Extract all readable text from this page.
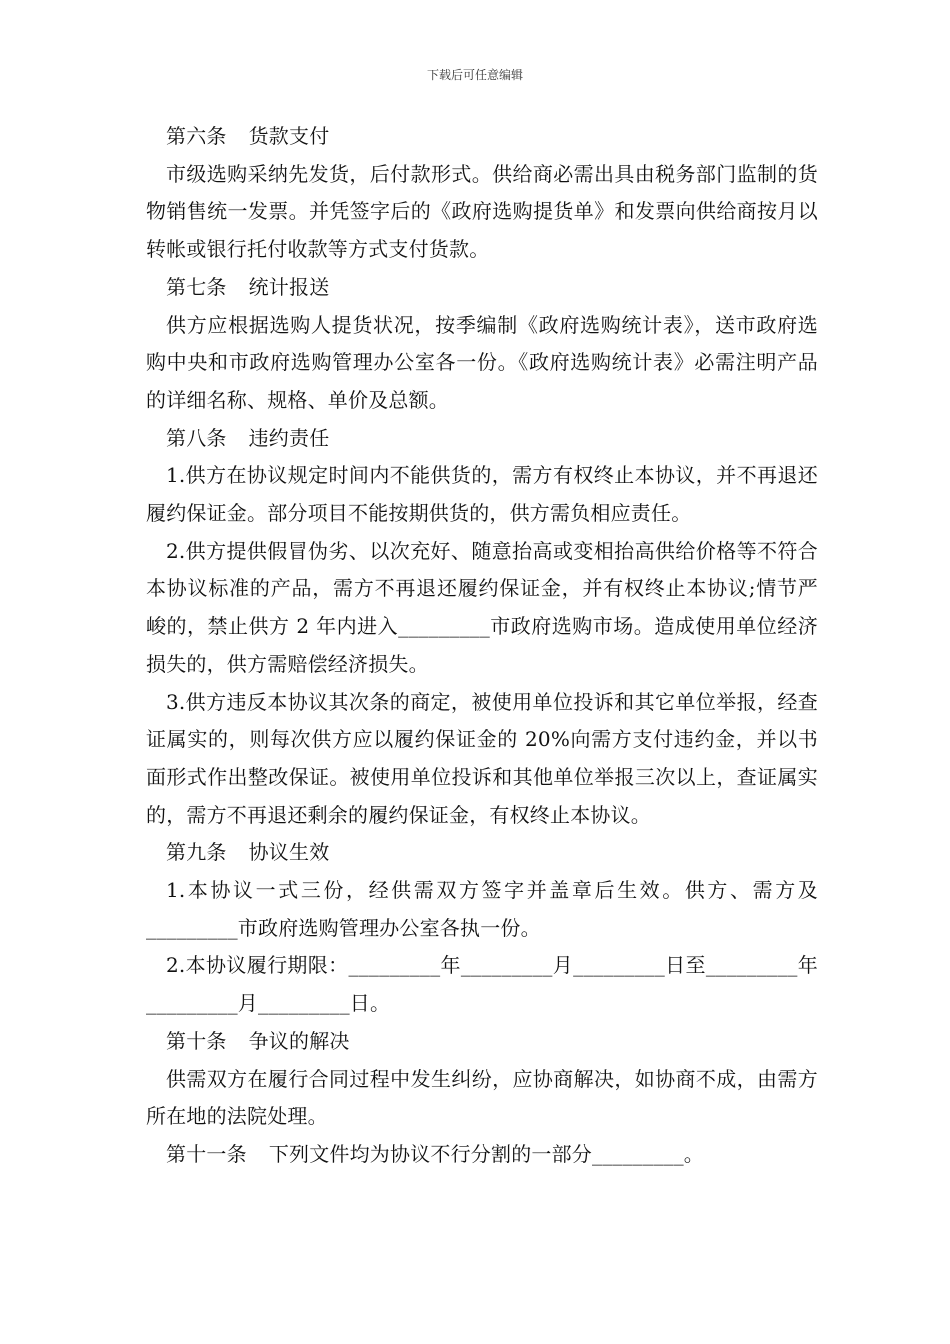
下载后可任意编辑

第六条 货款支付

市级选购采纳先发货，后付款形式。供给商必需出具由税务部门监制的货物销售统一发票。并凭签字后的《政府选购提货单》和发票向供给商按月以转帐或银行托付收款等方式支付货款。

第七条 统计报送

供方应根据选购人提货状况，按季编制《政府选购统计表》，送市政府选购中央和市政府选购管理办公室各一份。《政府选购统计表》必需注明产品的详细名称、规格、单价及总额。

第八条 违约责任

1.供方在协议规定时间内不能供货的，需方有权终止本协议，并不再退还履约保证金。部分项目不能按期供货的，供方需负相应责任。

2.供方提供假冒伪劣、以次充好、随意抬高或变相抬高供给价格等不符合本协议标准的产品，需方不再退还履约保证金，并有权终止本协议;情节严峻的，禁止供方 2 年内进入_________市政府选购市场。造成使用单位经济损失的，供方需赔偿经济损失。

3.供方违反本协议其次条的商定，被使用单位投诉和其它单位举报，经查证属实的，则每次供方应以履约保证金的 20%向需方支付违约金，并以书面形式作出整改保证。被使用单位投诉和其他单位举报三次以上，查证属实的，需方不再退还剩余的履约保证金，有权终止本协议。

第九条 协议生效

1.本协议一式三份，经供需双方签字并盖章后生效。供方、需方及_________市政府选购管理办公室各执一份。

2.本协议履行期限：_________年_________月_________日至_________年_________月_________日。

第十条 争议的解决

供需双方在履行合同过程中发生纠纷，应协商解决，如协商不成，由需方所在地的法院处理。

第十一条 下列文件均为协议不行分割的一部分_________。
